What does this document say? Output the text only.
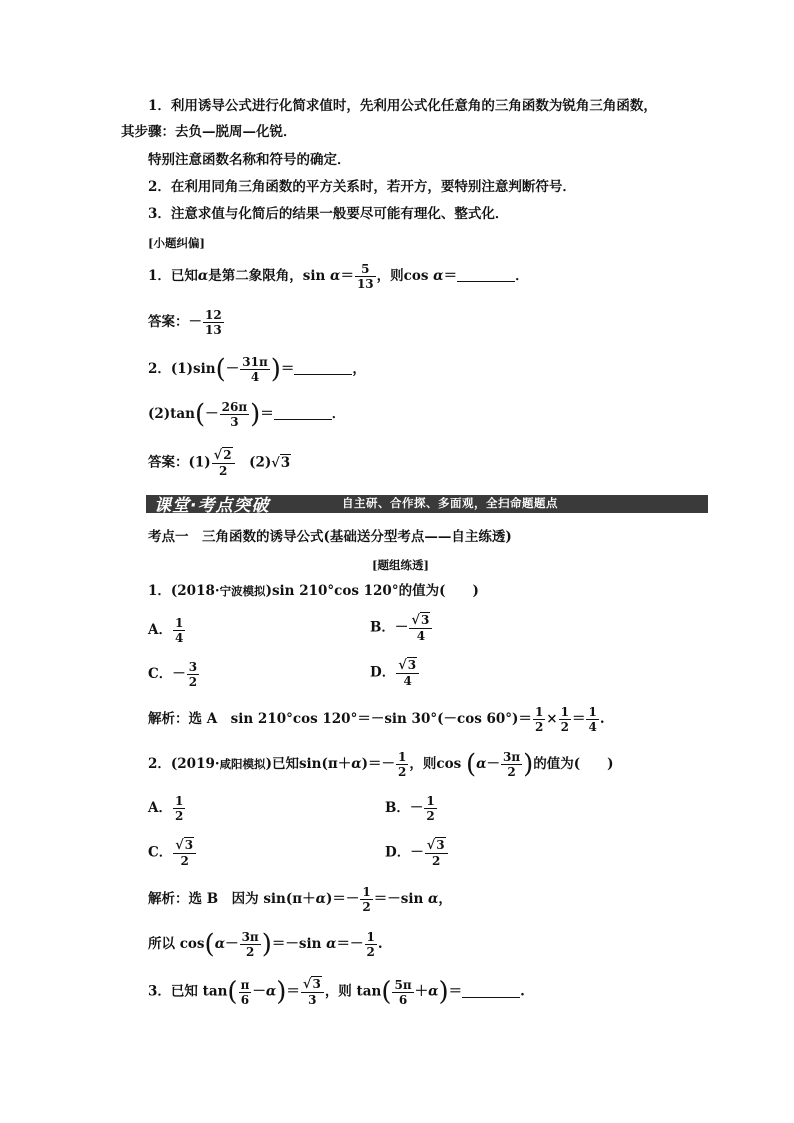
1．利用诱导公式进行化简求值时，先利用公式化任意角的三角函数为锐角三角函数，
其步骤：去负—脱周—化锐．
特别注意函数名称和符号的确定．
2．在利用同角三角函数的平方关系时，若开方，要特别注意判断符号．
3．注意求值与化简后的结果一般要尽可能有理化、整式化．
[小题纠偏]
1．已知α是第二象限角，$\sin \alpha= \frac{5}{13}$ ，则cos α＝	．
答案：－ $\frac{12}{13}$
2．$(1)\sin(- \frac{31\pi}{4}$ )＝	，
$(2)\tan(- \frac{26\pi}{3}$ )＝	．
答案：$(1) \frac{√2}{2}$ 　(2)√3
课堂·考点突破	自主研、合作探、多面观，全扫命题题点
考点一　三角函数的诱导公式(基础送分型考点——自主练透)
[题组练透]
1．(2018·宁波模拟)sin 210°cos 120°的值为(　　)
A． $\frac{1}{4}$	B．－ $\frac{√3}{4}$
C．－ $\frac{3}{2}$	D． $\frac{√3}{4}$
解析：选 A　sin 210°cos 120°＝－sin 30°(－cos $60^\circ)= \frac{1}{2} \times \frac{1}{2} = \frac{1}{4}$ .
2．(2019·咸阳模拟)已知$\sin(\pi+\alpha)=- \frac{1}{2}$ ，则$\cos (\alpha- \frac{3\pi}{2}$ )的值为(　　)
A． $\frac{1}{2}$	B．－ $\frac{1}{2}$
C． $\frac{√3}{2}$	D．－ $\frac{√3}{2}$
解析：选 B　因为 $\sin(\pi+\alpha)=- \frac{1}{2} =-\sin$ α，
所以 $\cos(\alpha- \frac{3\pi}{2} )=-\sin$ $\alpha=- \frac{1}{2}$ .
3．已知 $\tan( \frac{\pi}{6} -\alpha)= \frac{√3}{3}$ ，则 $\tan( \frac{5\pi}{6} +\alpha)=$	.
